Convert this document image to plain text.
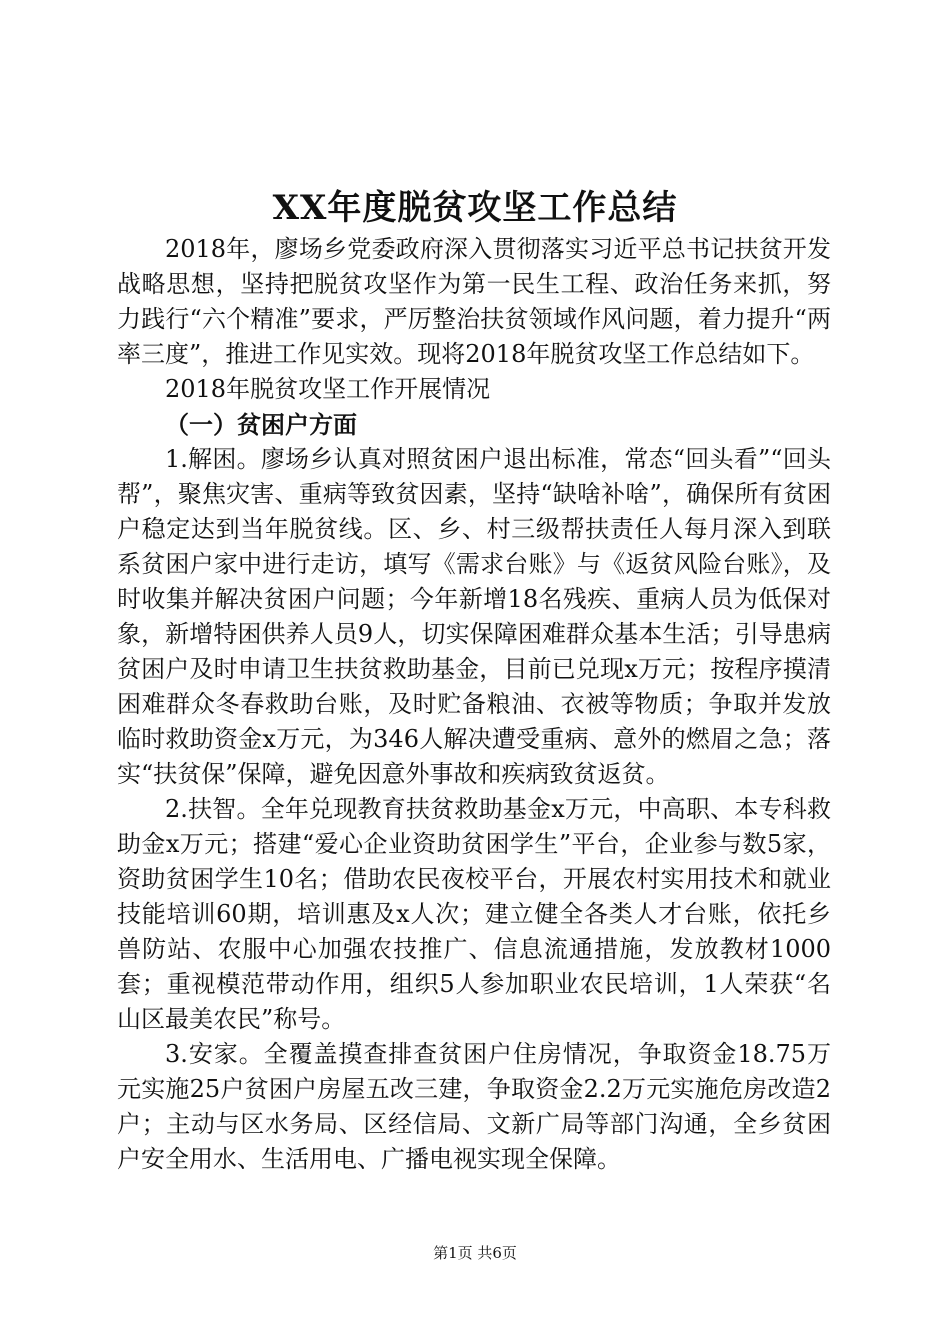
XX年度脱贫攻坚工作总结

2018年，廖场乡党委政府深入贯彻落实习近平总书记扶贫开发战略思想，坚持把脱贫攻坚作为第一民生工程、政治任务来抓，努力践行“六个精准”要求，严厉整治扶贫领域作风问题，着力提升“两率三度”，推进工作见实效。现将2018年脱贫攻坚工作总结如下。

2018年脱贫攻坚工作开展情况

（一）贫困户方面

1.解困。廖场乡认真对照贫困户退出标准，常态“回头看”“回头帮”，聚焦灾害、重病等致贫因素，坚持“缺啥补啥”，确保所有贫困户稳定达到当年脱贫线。区、乡、村三级帮扶责任人每月深入到联系贫困户家中进行走访，填写《需求台账》与《返贫风险台账》，及时收集并解决贫困户问题；今年新增18名残疾、重病人员为低保对象，新增特困供养人员9人，切实保障困难群众基本生活；引导患病贫困户及时申请卫生扶贫救助基金，目前已兑现x万元；按程序摸清困难群众冬春救助台账，及时贮备粮油、衣被等物质；争取并发放临时救助资金x万元，为346人解决遭受重病、意外的燃眉之急；落实“扶贫保”保障，避免因意外事故和疾病致贫返贫。

2.扶智。全年兑现教育扶贫救助基金x万元，中高职、本专科救助金x万元；搭建“爱心企业资助贫困学生”平台，企业参与数5家，资助贫困学生10名；借助农民夜校平台，开展农村实用技术和就业技能培训60期，培训惠及x人次；建立健全各类人才台账，依托乡兽防站、农服中心加强农技推广、信息流通措施，发放教材1000套；重视模范带动作用，组织5人参加职业农民培训，1人荣获“名山区最美农民”称号。

3.安家。全覆盖摸查排查贫困户住房情况，争取资金18.75万元实施25户贫困户房屋五改三建，争取资金2.2万元实施危房改造2户；主动与区水务局、区经信局、文新广局等部门沟通，全乡贫困户安全用水、生活用电、广播电视实现全保障。

第1页 共6页
